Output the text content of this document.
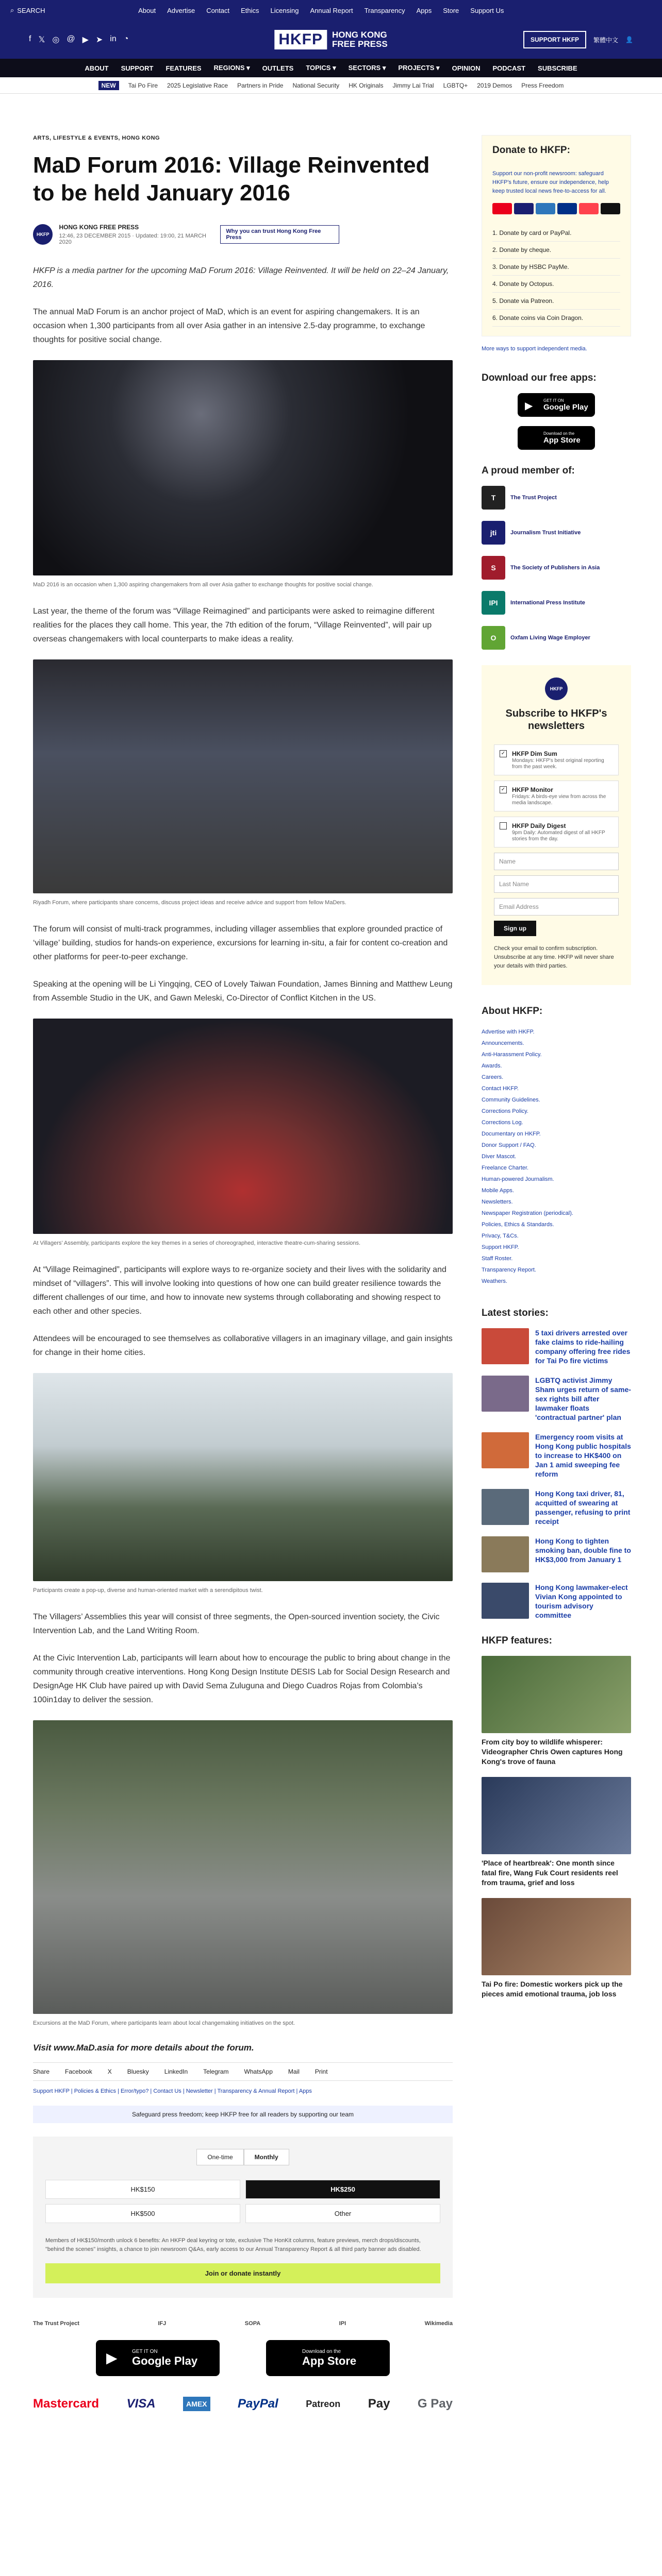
⌕ SEARCH	About Advertise Contact Ethics Licensing Annual Report Transparency Apps Store Support Us
f 𝕏 ◎ @ ▶ ➤ in ◔	HKFP	HONG KONG
FREE PRESS	SUPPORT HKFP	繁體中文 👤
ABOUT SUPPORT FEATURES REGIONS ▾ OUTLETS TOPICS ▾ SECTORS ▾ PROJECTS ▾ OPINION PODCAST SUBSCRIBE
NEW	Tai Po Fire 2025 Legislative Race Partners in Pride National Security HK Originals Jimmy Lai Trial LGBTQ+ 2019 Demos Press Freedom
ARTS, LIFESTYLE & EVENTS, HONG KONG
MaD Forum 2016: Village Reinvented to be held January 2016
HKFP
HONG KONG FREE PRESS
12:46, 23 DECEMBER 2015 · Updated: 19:00, 21 MARCH 2020
Why you can trust Hong Kong Free Press

HKFP is a media partner for the upcoming MaD Forum 2016: Village Reinvented. It will be held on 22–24 January, 2016.

The annual MaD Forum is an anchor project of MaD, which is an event for aspiring changemakers. It is an occasion when 1,300 participants from all over Asia gather in an intensive 2.5-day programme, to exchange thoughts for positive social change.

MaD 2016 is an occasion when 1,300 aspiring changemakers from all over Asia gather to exchange thoughts for positive social change.

Last year, the theme of the forum was “Village Reimagined” and participants were asked to reimagine different realities for the places they call home. This year, the 7th edition of the forum, “Village Reinvented”, will pair up overseas changemakers with local counterparts to make ideas a reality.

Riyadh Forum, where participants share concerns, discuss project ideas and receive advice and support from fellow MaDers.

The forum will consist of multi-track programmes, including villager assemblies that explore grounded practice of ‘village’ building, studios for hands-on experience, excursions for learning in-situ, a fair for content co-creation and other platforms for peer-to-peer exchange.

Speaking at the opening will be Li Yingqing, CEO of Lovely Taiwan Foundation, James Binning and Matthew Leung from Assemble Studio in the UK, and Gawn Meleski, Co-Director of Conflict Kitchen in the US.

At Villagers’ Assembly, participants explore the key themes in a series of choreographed, interactive theatre-cum-sharing sessions.

At “Village Reimagined”, participants will explore ways to re-organize society and their lives with the solidarity and mindset of “villagers”. This will involve looking into questions of how one can build greater resilience towards the different challenges of our time, and how to innovate new systems through collaborating and showing respect to each other and other species.

Attendees will be encouraged to see themselves as collaborative villagers in an imaginary village, and gain insights for change in their home cities.

Participants create a pop-up, diverse and human-oriented market with a serendipitous twist.

The Villagers’ Assemblies this year will consist of three segments, the Open-sourced invention society, the Civic Intervention Lab, and the Land Writing Room.

At the Civic Intervention Lab, participants will learn about how to encourage the public to bring about change in the community through creative interventions. Hong Kong Design Institute DESIS Lab for Social Design Research and DesignAge HK Club have paired up with David Sema Zuluguna and Diego Cuadros Rojas from Colombia’s 100in1day to deliver the session.

Excursions at the MaD Forum, where participants learn about local changemaking initiatives on the spot.
Visit www.MaD.asia for more details about the forum.
Share	Facebook	X	Bluesky	LinkedIn	Telegram	WhatsApp	Mail	Print
Support HKFP | Policies & Ethics | Error/typo? | Contact Us | Newsletter | Transparency & Annual Report | Apps
Safeguard press freedom; keep HKFP free for all readers by supporting our team
One-time	Monthly
HK$150	HK$250
HK$500	Other
Members of HK$150/month unlock 6 benefits: An HKFP deal keyring or tote, exclusive The HonKit columns, feature previews, merch drops/discounts, "behind the scenes" insights, a chance to join newsroom Q&As, early access to our Annual Transparency Report & all third party banner ads disabled.
Join or donate instantly
The Trust Project	IFJ	SOPA	IPI	Wikimedia
▶	GET IT ON
Google Play
Download on the
App Store
Mastercard VISA	AMEX PayPal	Patreon Pay G Pay
Donate to HKFP:
Support our non-profit newsroom: safeguard HKFP's future, ensure our independence, help keep trusted local news free-to-access for all.
1. Donate by card or PayPal.
2. Donate by cheque.
3. Donate by HSBC PayMe.
4. Donate by Octopus.
5. Donate via Patreon.
6. Donate coins via Coin Dragon.
More ways to support independent media.
Download our free apps:
▶	GET IT ON
Google Play
Download on the
App Store
A proud member of:
T	The Trust Project
jti	Journalism Trust Initiative
S	The Society of Publishers in Asia
IPI	International Press Institute
O	Oxfam Living Wage Employer
HKFP
Subscribe to HKFP's newsletters
✓ HKFP Dim Sum
Mondays: HKFP's best original reporting from the past week.
✓ HKFP Monitor
Fridays: A birds-eye view from across the media landscape.
HKFP Daily Digest
9pm Daily: Automated digest of all HKFP stories from the day.
Name
Last Name
Email Address
Sign up
Check your email to confirm subscription. Unsubscribe at any time. HKFP will never share your details with third parties.
About HKFP:
Advertise with HKFP.
Announcements.
Anti-Harassment Policy.
Awards.
Careers.
Contact HKFP.
Community Guidelines.
Corrections Policy.
Corrections Log.
Documentary on HKFP.
Donor Support / FAQ.
Diver Mascot.
Freelance Charter.
Human-powered Journalism.
Mobile Apps.
Newsletters.
Newspaper Registration (periodical).
Policies, Ethics & Standards.
Privacy, T&Cs.
Support HKFP.
Staff Roster.
Transparency Report.
Weathers.
Latest stories:
5 taxi drivers arrested over fake claims to ride-hailing company offering free rides for Tai Po fire victims
LGBTQ activist Jimmy Sham urges return of same-sex rights bill after lawmaker floats 'contractual partner' plan
Emergency room visits at Hong Kong public hospitals to increase to HK$400 on Jan 1 amid sweeping fee reform
Hong Kong taxi driver, 81, acquitted of swearing at passenger, refusing to print receipt
Hong Kong to tighten smoking ban, double fine to HK$3,000 from January 1
Hong Kong lawmaker-elect Vivian Kong appointed to tourism advisory committee
HKFP features:
From city boy to wildlife whisperer: Videographer Chris Owen captures Hong Kong's trove of fauna
'Place of heartbreak': One month since fatal fire, Wang Fuk Court residents reel from trauma, grief and loss
Tai Po fire: Domestic workers pick up the pieces amid emotional trauma, job loss
